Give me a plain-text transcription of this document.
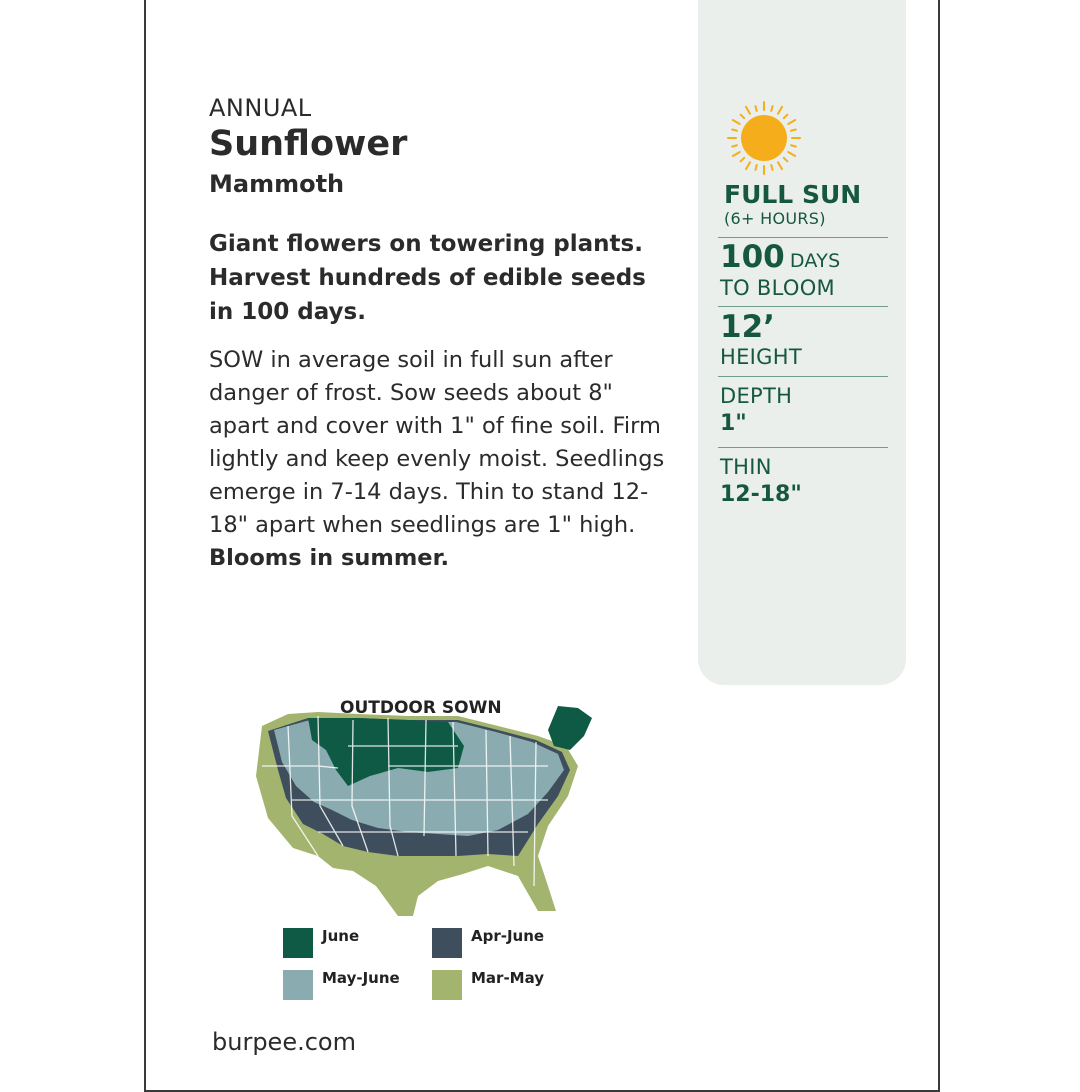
ANNUAL
Sunflower
Mammoth
Giant flowers on towering plants. Harvest hundreds of edible seeds in 100 days.
SOW in average soil in full sun after danger of frost. Sow seeds about 8" apart and cover with 1" of fine soil. Firm lightly and keep evenly moist. Seedlings emerge in 7-14 days. Thin to stand 12-18" apart when seedlings are 1" high. Blooms in summer.
FULL SUN
(6+ HOURS)
100 DAYS
TO BLOOM
12’
HEIGHT
DEPTH
1"
THIN
12-18"
OUTDOOR SOWN
June	Apr-June
May-June	Mar-May
burpee.com
